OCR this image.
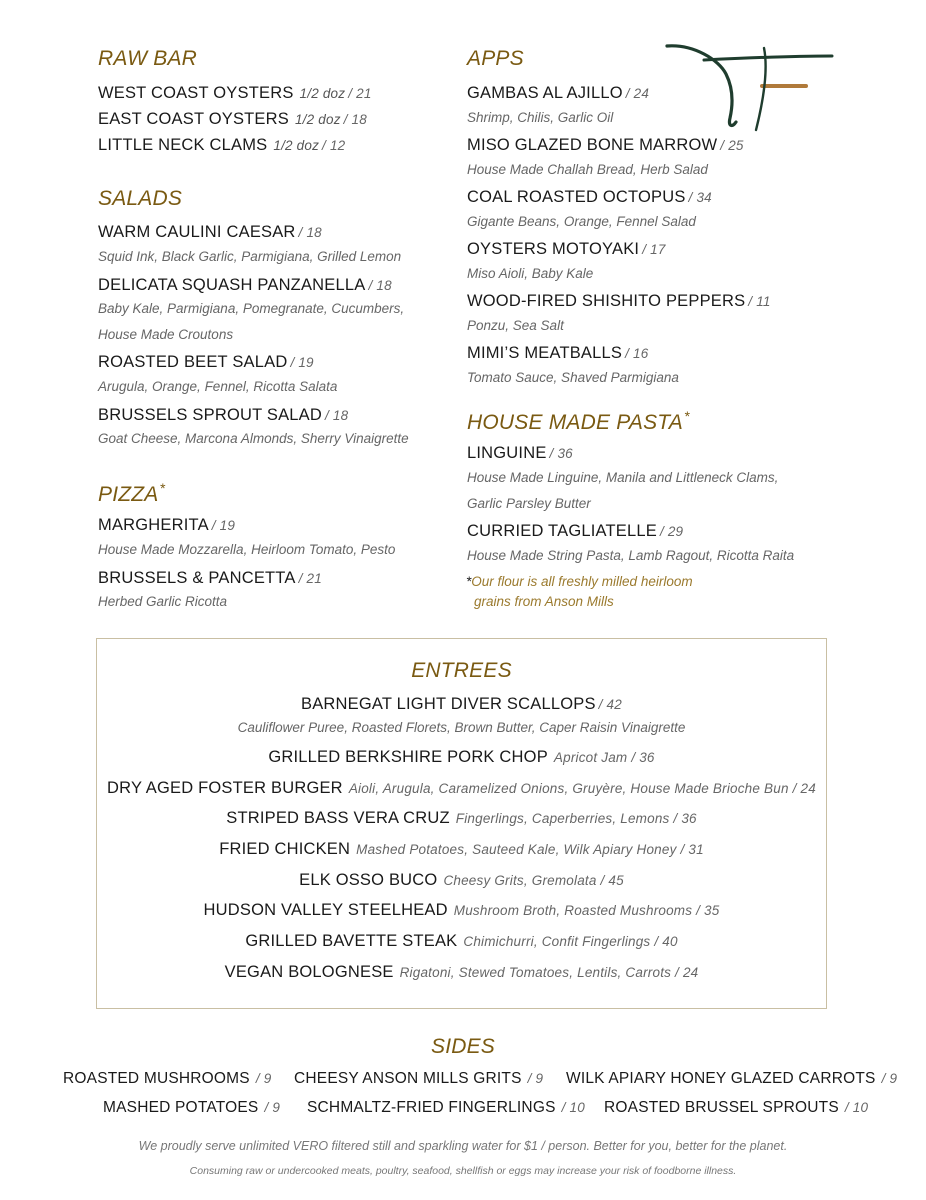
RAW BAR
WEST COAST OYSTERS 1/2 doz / 21
EAST COAST OYSTERS 1/2 doz / 18
LITTLE NECK CLAMS 1/2 doz / 12
SALADS
WARM CAULINI CAESAR / 18
Squid Ink, Black Garlic, Parmigiana, Grilled Lemon
DELICATA SQUASH PANZANELLA / 18
Baby Kale, Parmigiana, Pomegranate, Cucumbers,
House Made Croutons
ROASTED BEET SALAD / 19
Arugula, Orange, Fennel, Ricotta Salata
BRUSSELS SPROUT SALAD / 18
Goat Cheese, Marcona Almonds, Sherry Vinaigrette
PIZZA*
MARGHERITA / 19
House Made Mozzarella, Heirloom Tomato, Pesto
BRUSSELS & PANCETTA / 21
Herbed Garlic Ricotta
APPS
GAMBAS AL AJILLO / 24
Shrimp, Chilis, Garlic Oil
MISO GLAZED BONE MARROW / 25
House Made Challah Bread, Herb Salad
COAL ROASTED OCTOPUS / 34
Gigante Beans, Orange, Fennel Salad
OYSTERS MOTOYAKI / 17
Miso Aioli, Baby Kale
WOOD-FIRED SHISHITO PEPPERS / 11
Ponzu, Sea Salt
MIMI’S MEATBALLS / 16
Tomato Sauce, Shaved Parmigiana
HOUSE MADE PASTA*
LINGUINE / 36
House Made Linguine, Manila and Littleneck Clams,
Garlic Parsley Butter
CURRIED TAGLIATELLE / 29
House Made String Pasta, Lamb Ragout, Ricotta Raita
*Our flour is all freshly milled heirloom
grains from Anson Mills
ENTREES
BARNEGAT LIGHT DIVER SCALLOPS / 42
Cauliflower Puree, Roasted Florets, Brown Butter, Caper Raisin Vinaigrette
GRILLED BERKSHIRE PORK CHOP Apricot Jam / 36
DRY AGED FOSTER BURGER Aioli, Arugula, Caramelized Onions, Gruyère, House Made Brioche Bun / 24
STRIPED BASS VERA CRUZ Fingerlings, Caperberries, Lemons / 36
FRIED CHICKEN Mashed Potatoes, Sauteed Kale, Wilk Apiary Honey / 31
ELK OSSO BUCO Cheesy Grits, Gremolata / 45
HUDSON VALLEY STEELHEAD Mushroom Broth, Roasted Mushrooms / 35
GRILLED BAVETTE STEAK Chimichurri, Confit Fingerlings / 40
VEGAN BOLOGNESE Rigatoni, Stewed Tomatoes, Lentils, Carrots / 24
SIDES
ROASTED MUSHROOMS / 9 CHEESY ANSON MILLS GRITS / 9 WILK APIARY HONEY GLAZED CARROTS / 9
MASHED POTATOES / 9 SCHMALTZ-FRIED FINGERLINGS / 10 ROASTED BRUSSEL SPROUTS / 10
We proudly serve unlimited VERO filtered still and sparkling water for $1 / person. Better for you, better for the planet.
Consuming raw or undercooked meats, poultry, seafood, shellfish or eggs may increase your risk of foodborne illness.
